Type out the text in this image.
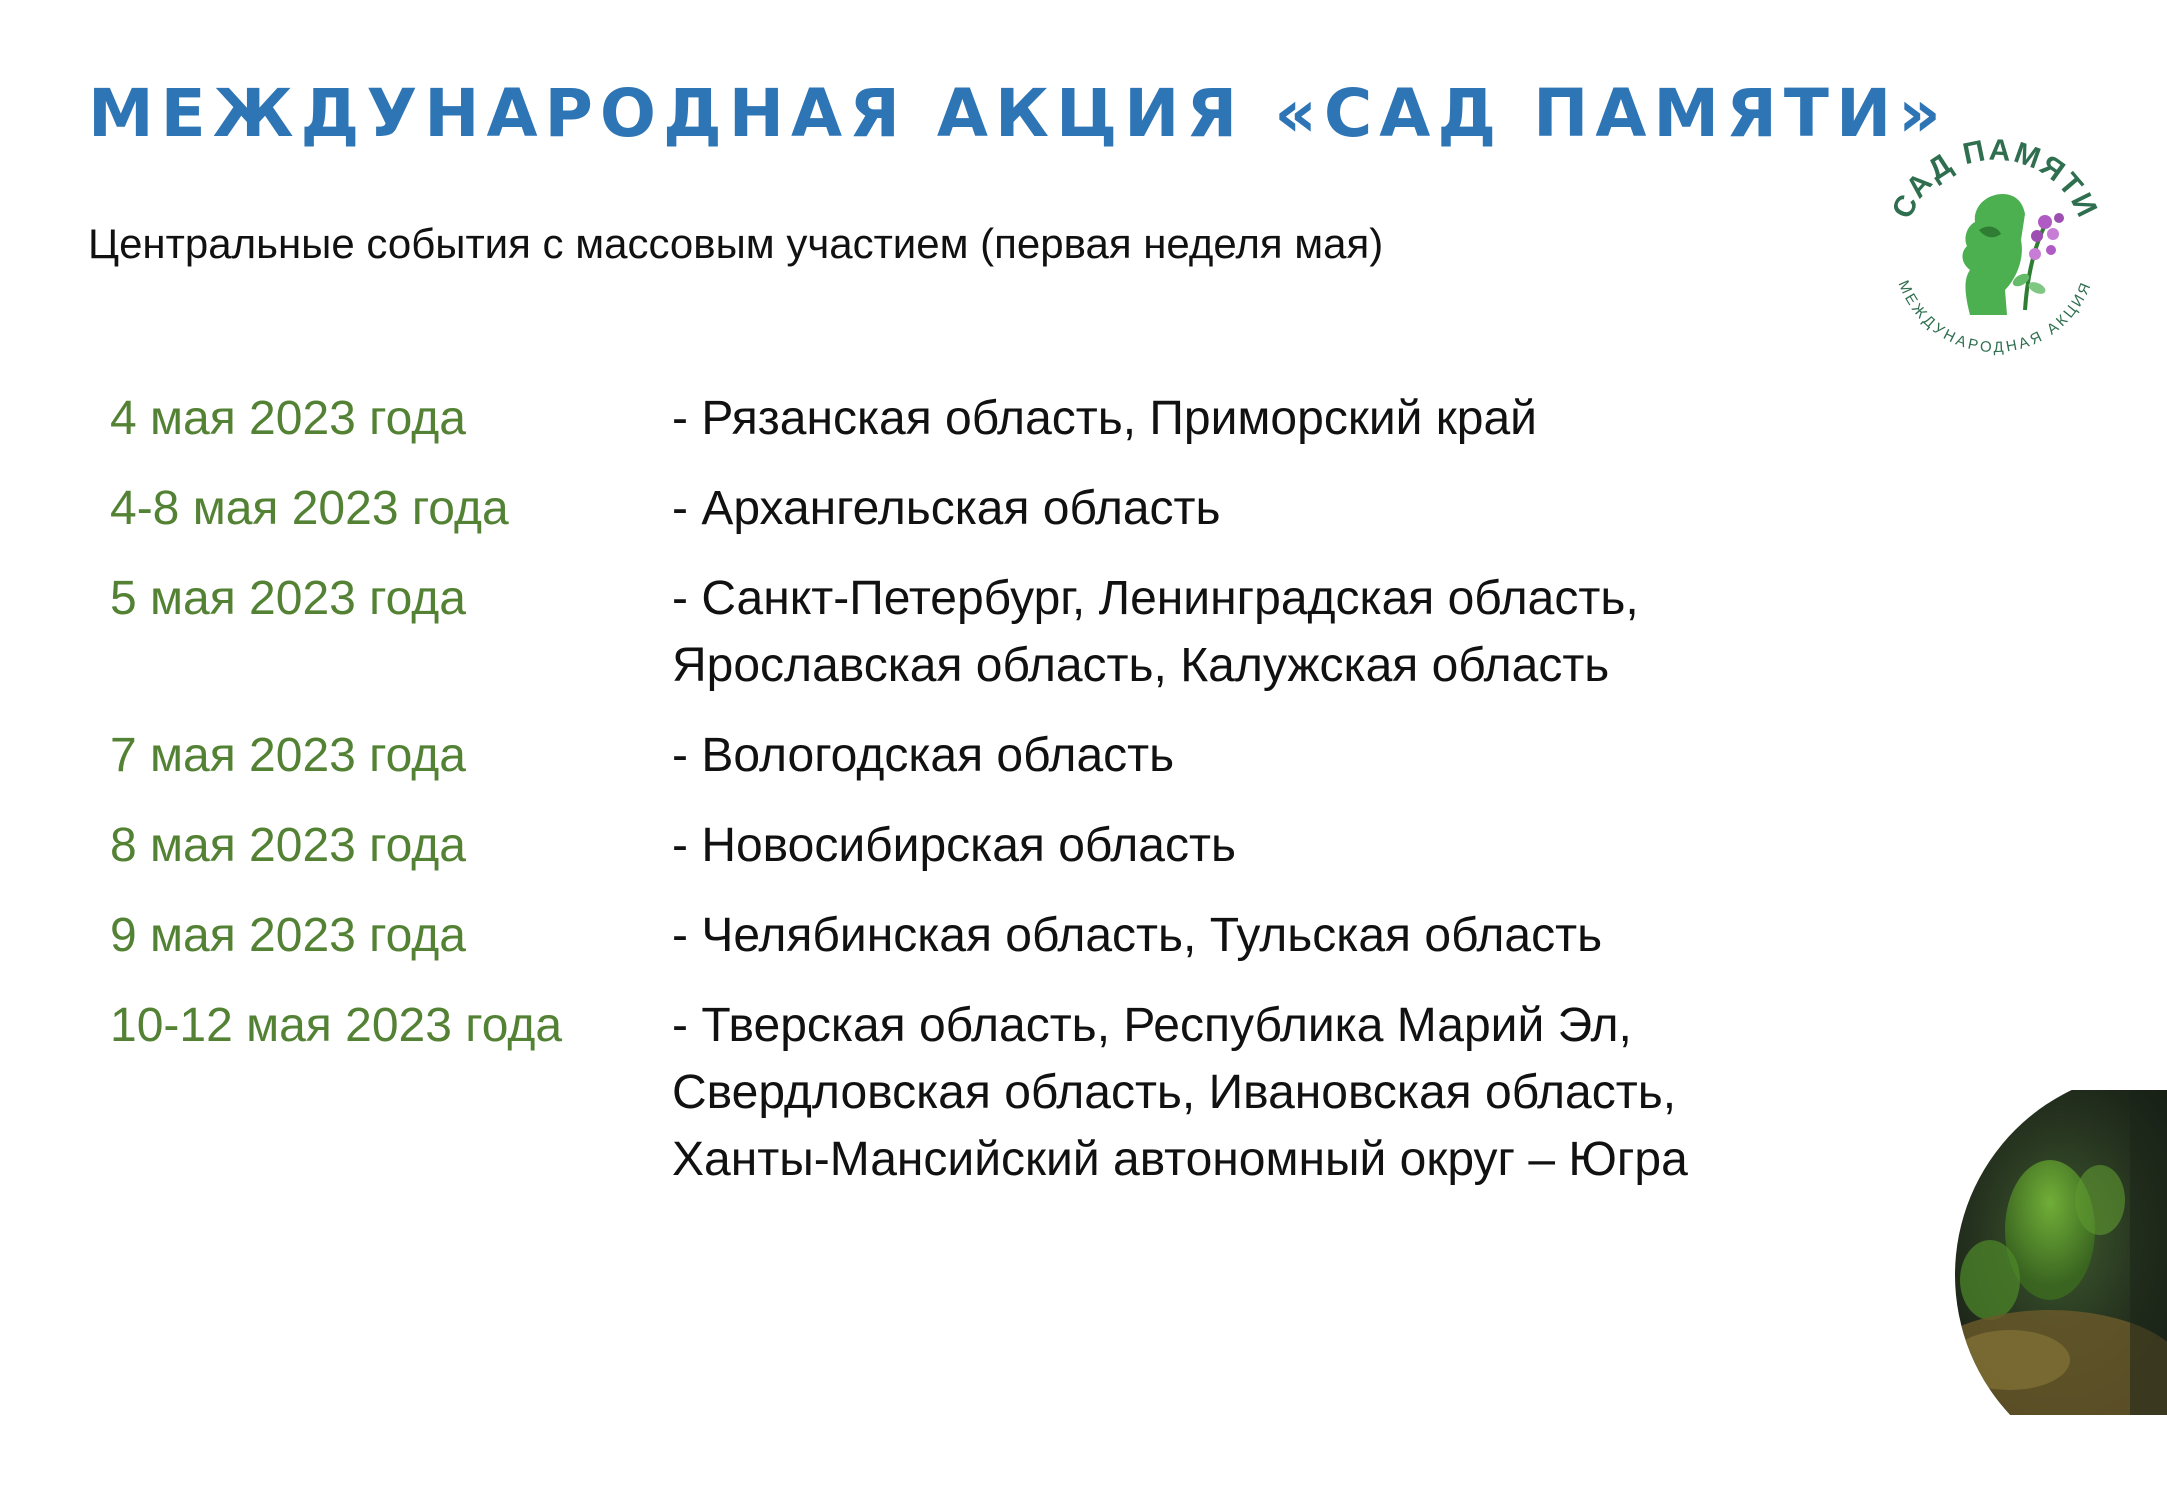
МЕЖДУНАРОДНАЯ АКЦИЯ «САД ПАМЯТИ»
Центральные события с массовым участием (первая неделя мая)
САД ПАМЯТИ
МЕЖДУНАРОДНАЯ АКЦИЯ
4 мая 2023 года	- Рязанская область, Приморский край
4-8 мая 2023 года	- Архангельская область
5 мая 2023 года	- Санкт-Петербург, Ленинградская область,
Ярославская область, Калужская область
7 мая 2023 года	- Вологодская область
8 мая 2023 года	- Новосибирская область
9 мая 2023 года	- Челябинская область, Тульская область
10-12 мая 2023 года	- Тверская область, Республика Марий Эл,
Свердловская область, Ивановская область,
Ханты-Мансийский автономный округ – Югра
